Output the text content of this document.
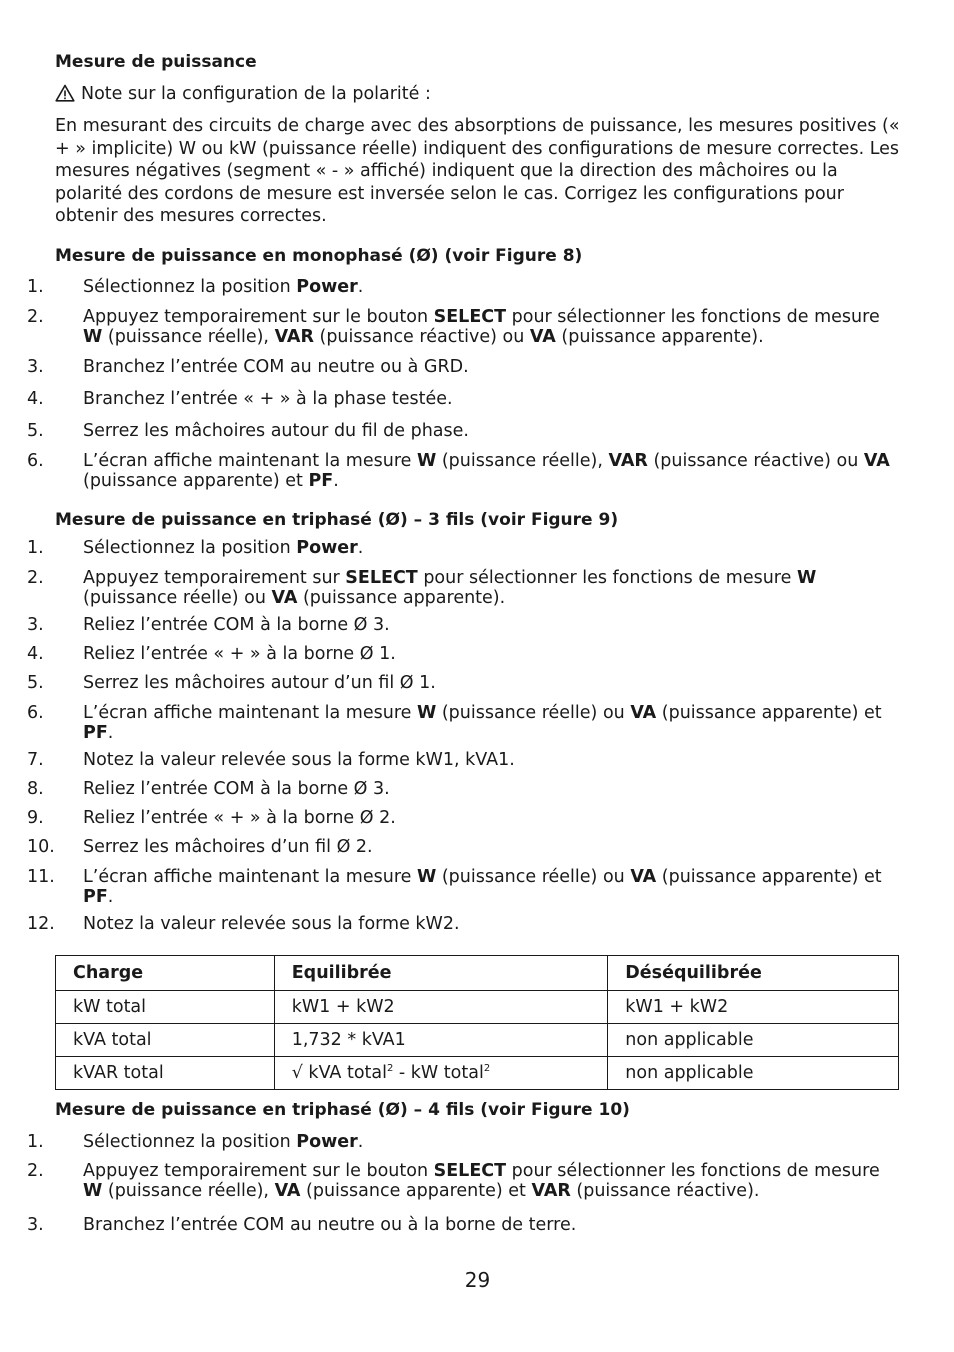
Mesure de puissance
Note sur la configuration de la polarité :
En mesurant des circuits de charge avec des absorptions de puissance, les mesures positives (« + » implicite) W ou kW (puissance réelle) indiquent des configurations de mesure correctes. Les mesures négatives (segment « - » affiché) indiquent que la direction des mâchoires ou la polarité des cordons de mesure est inversée selon le cas. Corrigez les configurations pour obtenir des mesures correctes.
Mesure de puissance en monophasé (Ø) (voir Figure 8)
1. Sélectionnez la position Power.
2. Appuyez temporairement sur le bouton SELECT pour sélectionner les fonctions de mesure W (puissance réelle), VAR (puissance réactive) ou VA (puissance apparente).
3. Branchez l’entrée COM au neutre ou à GRD.
4. Branchez l’entrée « + » à la phase testée.
5. Serrez les mâchoires autour du fil de phase.
6. L’écran affiche maintenant la mesure W (puissance réelle), VAR (puissance réactive) ou VA (puissance apparente) et PF.
Mesure de puissance en triphasé (Ø) – 3 fils (voir Figure 9)
1. Sélectionnez la position Power.
2. Appuyez temporairement sur SELECT pour sélectionner les fonctions de mesure W (puissance réelle) ou VA (puissance apparente).
3. Reliez l’entrée COM à la borne Ø 3.
4. Reliez l’entrée « + » à la borne Ø 1.
5. Serrez les mâchoires autour d’un fil Ø 1.
6. L’écran affiche maintenant la mesure W (puissance réelle) ou VA (puissance apparente) et PF.
7. Notez la valeur relevée sous la forme kW1, kVA1.
8. Reliez l’entrée COM à la borne Ø 3.
9. Reliez l’entrée « + » à la borne Ø 2.
10. Serrez les mâchoires d’un fil Ø 2.
11. L’écran affiche maintenant la mesure W (puissance réelle) ou VA (puissance apparente) et PF.
12. Notez la valeur relevée sous la forme kW2.
Charge	Equilibrée	Déséquilibrée
kW total	kW1 + kW2	kW1 + kW2
kVA total	1,732 * kVA1	non applicable
kVAR total	√ kVA total$^2$ - kW total$^2$	non applicable
Mesure de puissance en triphasé (Ø) – 4 fils (voir Figure 10)
1. Sélectionnez la position Power.
2. Appuyez temporairement sur le bouton SELECT pour sélectionner les fonctions de mesure W (puissance réelle), VA (puissance apparente) et VAR (puissance réactive).
3. Branchez l’entrée COM au neutre ou à la borne de terre.
29
